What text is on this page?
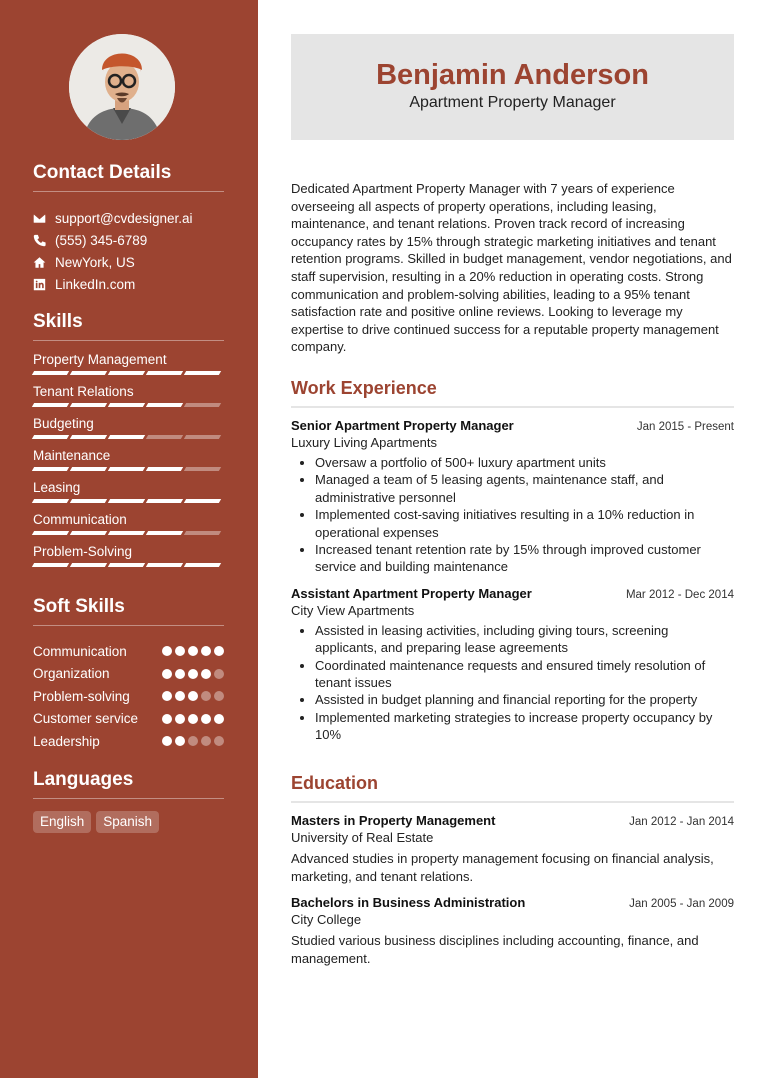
Contact Details
support@cvdesigner.ai
(555) 345-6789
NewYork, US
LinkedIn.com
Skills
Property Management
Tenant Relations
Budgeting
Maintenance
Leasing
Communication
Problem-Solving
Soft Skills
Communication
Organization
Problem-solving
Customer service
Leadership
Languages
English	Spanish
Benjamin Anderson
Apartment Property Manager
Dedicated Apartment Property Manager with 7 years of experience overseeing all aspects of property operations, including leasing, maintenance, and tenant relations. Proven track record of increasing occupancy rates by 15% through strategic marketing initiatives and tenant retention programs. Skilled in budget management, vendor negotiations, and staff supervision, resulting in a 20% reduction in operating costs. Strong communication and problem-solving abilities, leading to a 95% tenant satisfaction rate and positive online reviews. Looking to leverage my expertise to drive continued success for a reputable property management company.
Work Experience
Senior Apartment Property Manager	Jan 2015 - Present
Luxury Living Apartments
• Oversaw a portfolio of 500+ luxury apartment units
• Managed a team of 5 leasing agents, maintenance staff, and administrative personnel
• Implemented cost-saving initiatives resulting in a 10% reduction in operational expenses
• Increased tenant retention rate by 15% through improved customer service and building maintenance
Assistant Apartment Property Manager	Mar 2012 - Dec 2014
City View Apartments
• Assisted in leasing activities, including giving tours, screening applicants, and preparing lease agreements
• Coordinated maintenance requests and ensured timely resolution of tenant issues
• Assisted in budget planning and financial reporting for the property
• Implemented marketing strategies to increase property occupancy by 10%
Education
Masters in Property Management	Jan 2012 - Jan 2014
University of Real Estate
Advanced studies in property management focusing on financial analysis, marketing, and tenant relations.
Bachelors in Business Administration	Jan 2005 - Jan 2009
City College
Studied various business disciplines including accounting, finance, and management.
